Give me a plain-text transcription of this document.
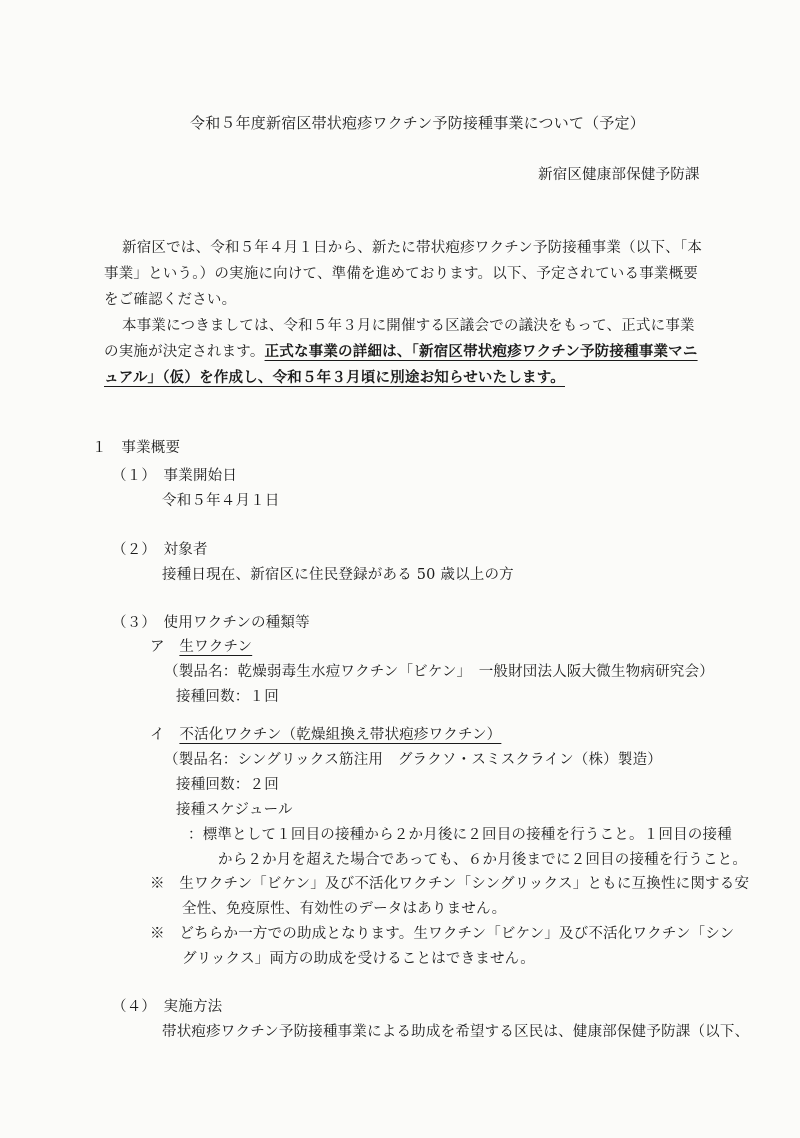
令和５年度新宿区帯状疱疹ワクチン予防接種事業について（予定）
新宿区健康部保健予防課
新宿区では、令和５年４月１日から、新たに帯状疱疹ワクチン予防接種事業（以下、「本
事業」という。）の実施に向けて、準備を進めております。以下、予定されている事業概要
をご確認ください。
本事業につきましては、令和５年３月に開催する区議会での議決をもって、正式に事業
の実施が決定されます。正式な事業の詳細は、「新宿区帯状疱疹ワクチン予防接種事業マニ
ュアル」（仮）を作成し、令和５年３月頃に別途お知らせいたします。
１　事業概要
（１）　事業開始日
令和５年４月１日
（２）　対象者
接種日現在、新宿区に住民登録がある 50 歳以上の方
（３）　使用ワクチンの種類等
ア　 生ワクチン
（製品名：乾燥弱毒生水痘ワクチン「ビケン」　一般財団法人阪大微生物病研究会）
接種回数：１回
イ　 不活化ワクチン（乾燥組換え帯状疱疹ワクチン）
（製品名：シングリックス筋注用　グラクソ・スミスクライン（株）製造）
接種回数：２回
接種スケジュール
：標準として１回目の接種から２か月後に２回目の接種を行うこと。１回目の接種
から２か月を超えた場合であっても、６か月後までに２回目の接種を行うこと。
※　生ワクチン「ビケン」及び不活化ワクチン「シングリックス」ともに互換性に関する安
全性、免疫原性、有効性のデータはありません。
※　どちらか一方での助成となります。生ワクチン「ビケン」及び不活化ワクチン「シン
グリックス」両方の助成を受けることはできません。
（４）　実施方法
帯状疱疹ワクチン予防接種事業による助成を希望する区民は、健康部保健予防課（以下、
